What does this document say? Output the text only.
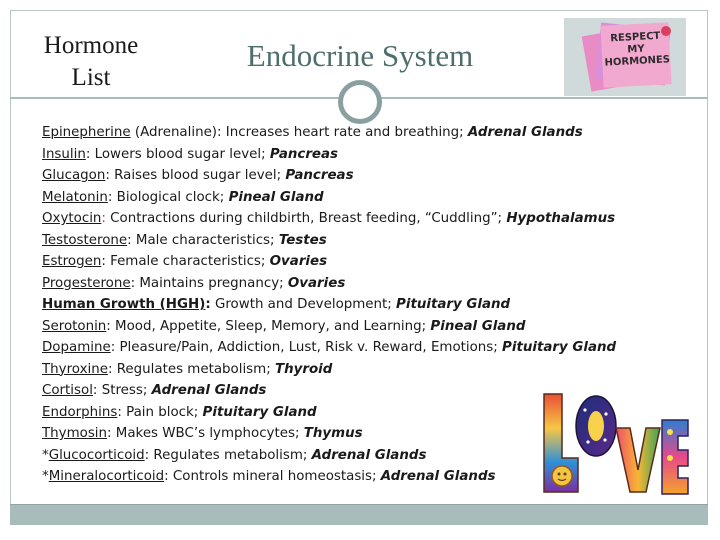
Hormone
List
Endocrine System
RESPECT
MY
HORMONES
Epinepherine (Adrenaline): Increases heart rate and breathing; Adrenal Glands
Insulin: Lowers blood sugar level; Pancreas
Glucagon: Raises blood sugar level; Pancreas
Melatonin: Biological clock; Pineal Gland
Oxytocin: Contractions during childbirth, Breast feeding, “Cuddling”; Hypothalamus
Testosterone: Male characteristics; Testes
Estrogen: Female characteristics; Ovaries
Progesterone: Maintains pregnancy; Ovaries
Human Growth (HGH): Growth and Development; Pituitary Gland
Serotonin: Mood, Appetite, Sleep, Memory, and Learning; Pineal Gland
Dopamine: Pleasure/Pain, Addiction, Lust, Risk v. Reward, Emotions; Pituitary Gland
Thyroxine: Regulates metabolism; Thyroid
Cortisol: Stress; Adrenal Glands
Endorphins: Pain block; Pituitary Gland
Thymosin: Makes WBC’s lymphocytes; Thymus
*Glucocorticoid: Regulates metabolism; Adrenal Glands
*Mineralocorticoid: Controls mineral homeostasis; Adrenal Glands
